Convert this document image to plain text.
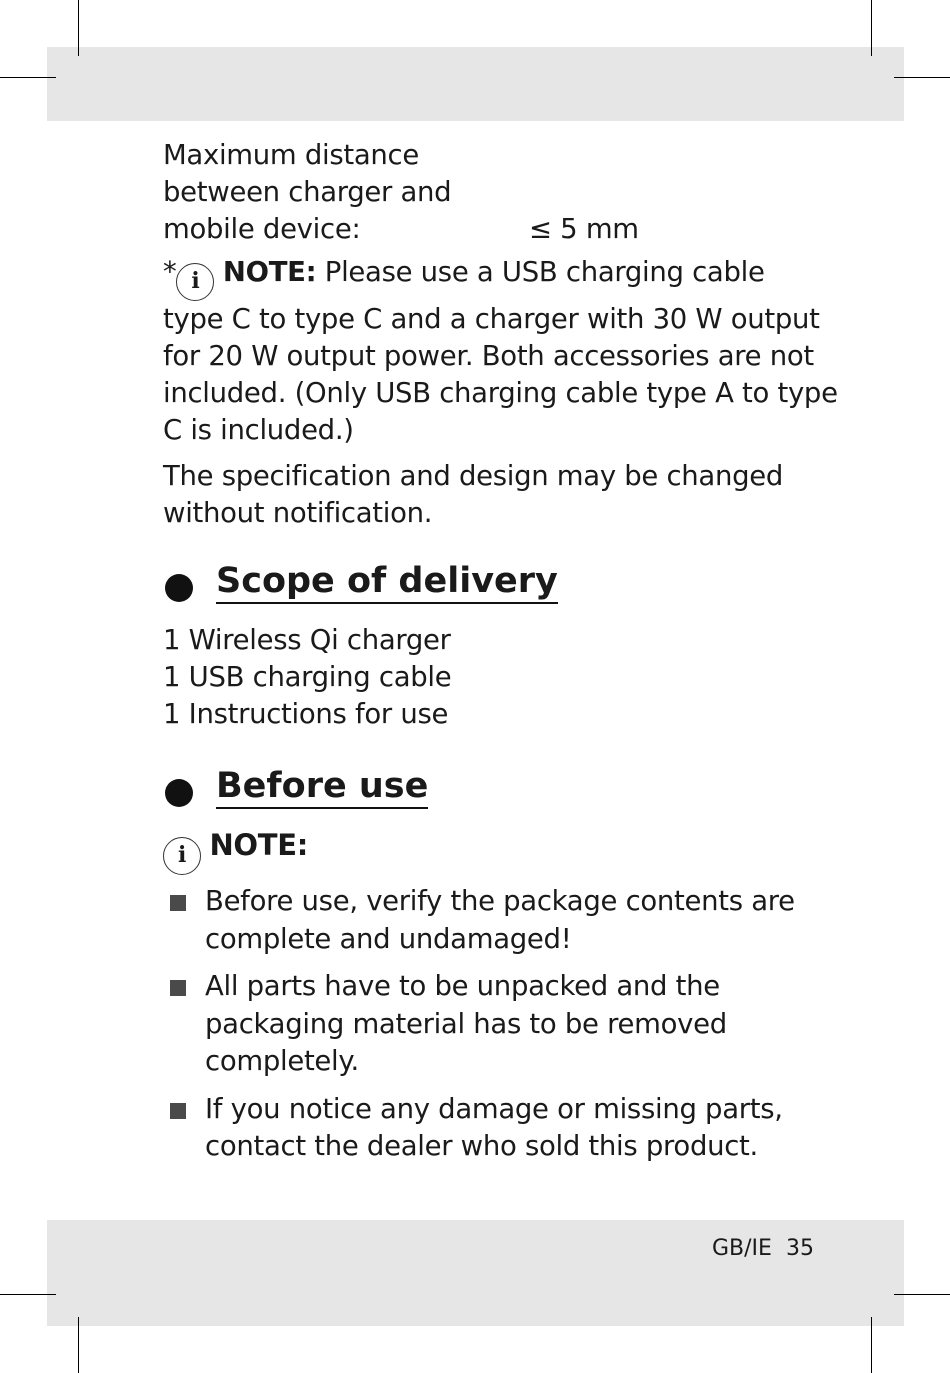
Maximum distance
between charger and
mobile device:	≤ 5 mm
* i NOTE: Please use a USB charging cable
type C to type C and a charger with 30 W output
for 20 W output power. Both accessories are not
included. (Only USB charging cable type A to type
C is included.)
The specification and design may be changed
without notification.
Scope of delivery
1 Wireless Qi charger
1 USB charging cable
1 Instructions for use
Before use
i NOTE:
Before use, verify the package contents are
complete and undamaged!
All parts have to be unpacked and the
packaging material has to be removed
completely.
If you notice any damage or missing parts,
contact the dealer who sold this product.
GB/IE 35
